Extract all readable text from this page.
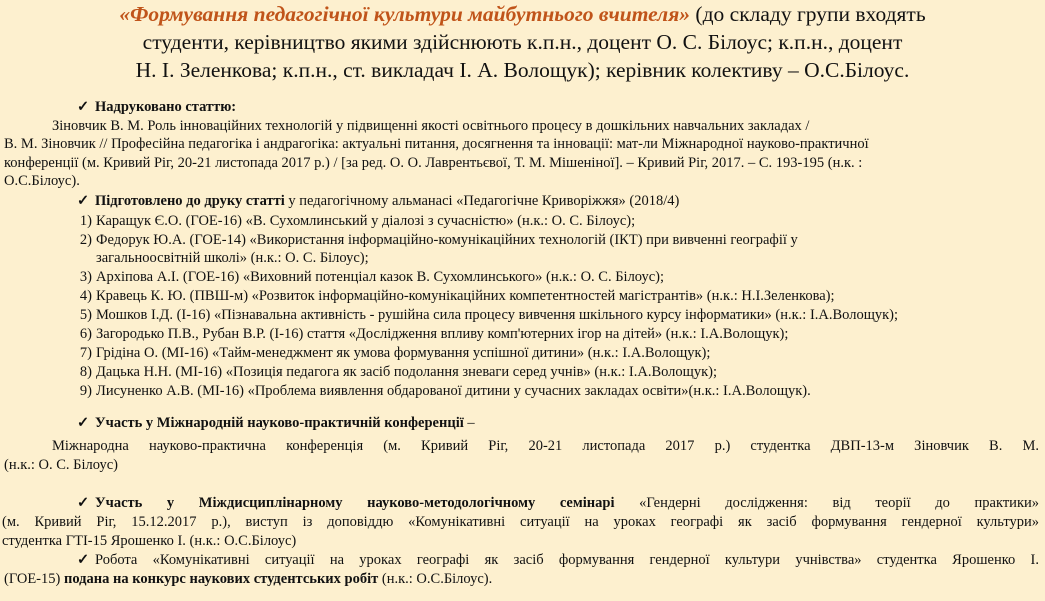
«Формування педагогічної культури майбутнього вчителя» (до складу групи входять
студенти, керівництво якими здійснюють к.п.н., доцент О. С. Білоус; к.п.н., доцент
Н. І. Зеленкова; к.п.н., ст. викладач І. А. Волощук); керівник колективу – О.С.Білоус.
✓ Надруковано статтю:
Зіновчик В. М. Роль інноваційних технологій у підвищенні якості освітнього процесу в дошкільних навчальних закладах /
В. М. Зіновчик // Професійна педагогіка і андрагогіка: актуальні питання, досягнення та інновації: мат-ли Міжнародної науково-практичної
конференції (м. Кривий Ріг, 20-21 листопада 2017 р.) / [за ред. О. О. Лаврентьєвої, Т. М. Мішеніної]. – Кривий Ріг, 2017. – С. 193-195 (н.к. :
О.С.Білоус).
✓ Підготовлено до друку статті у педагогічному альманасі «Педагогічне Криворіжжя» (2018/4)
1) Каращук Є.О. (ГОЕ-16) «В. Сухомлинський у діалозі з сучасністю» (н.к.: О. С. Білоус);
2) Федорук Ю.А. (ГОЕ-14) «Використання інформаційно-комунікаційних технологій (ІКТ) при вивченні географії у
загальноосвітній школі» (н.к.: О. С. Білоус);
3) Архіпова А.І. (ГОЕ-16) «Виховний потенціал казок В. Сухомлинського» (н.к.: О. С. Білоус);
4) Кравець К. Ю. (ПВШ-м) «Розвиток інформаційно-комунікаційних компетентностей магістрантів» (н.к.: Н.І.Зеленкова);
5) Мошков І.Д. (І-16) «Пізнавальна активність - рушійна сила процесу вивчення шкільного курсу інформатики» (н.к.: І.А.Волощук);
6) Загородько П.В., Рубан В.Р. (І-16) стаття «Дослідження впливу комп'ютерних ігор на дітей» (н.к.: І.А.Волощук);
7) Грідіна О. (МІ-16) «Тайм-менеджмент як умова формування успішної дитини» (н.к.: І.А.Волощук);
8) Дацька Н.Н. (МІ-16) «Позиція педагога як засіб подолання зневаги серед учнів» (н.к.: І.А.Волощук);
9) Лисуненко А.В. (МІ-16) «Проблема виявлення обдарованої дитини у сучасних закладах освіти»(н.к.: І.А.Волощук).
✓ Участь у Міжнародній науково-практичній конференції –
Міжнародна науково-практична конференція (м. Кривий Ріг, 20-21 листопада 2017 р.) студентка ДВП-13-м Зіновчик В. М.
(н.к.: О. С. Білоус)
✓ Участь у Міждисциплінарному науково-методологічному семінарі «Гендерні дослідження: від теорії до практики»
(м. Кривий Ріг, 15.12.2017 р.), виступ із доповіддю «Комунікативні ситуації на уроках географі як засіб формування гендерної культури»
студентка ГТІ-15 Ярошенко І. (н.к.: О.С.Білоус)
✓ Робота «Комунікативні ситуації на уроках географі як засіб формування гендерної культури учнівства» студентка Ярошенко І.
(ГОЕ-15) подана на конкурс наукових студентських робіт (н.к.: О.С.Білоус).
